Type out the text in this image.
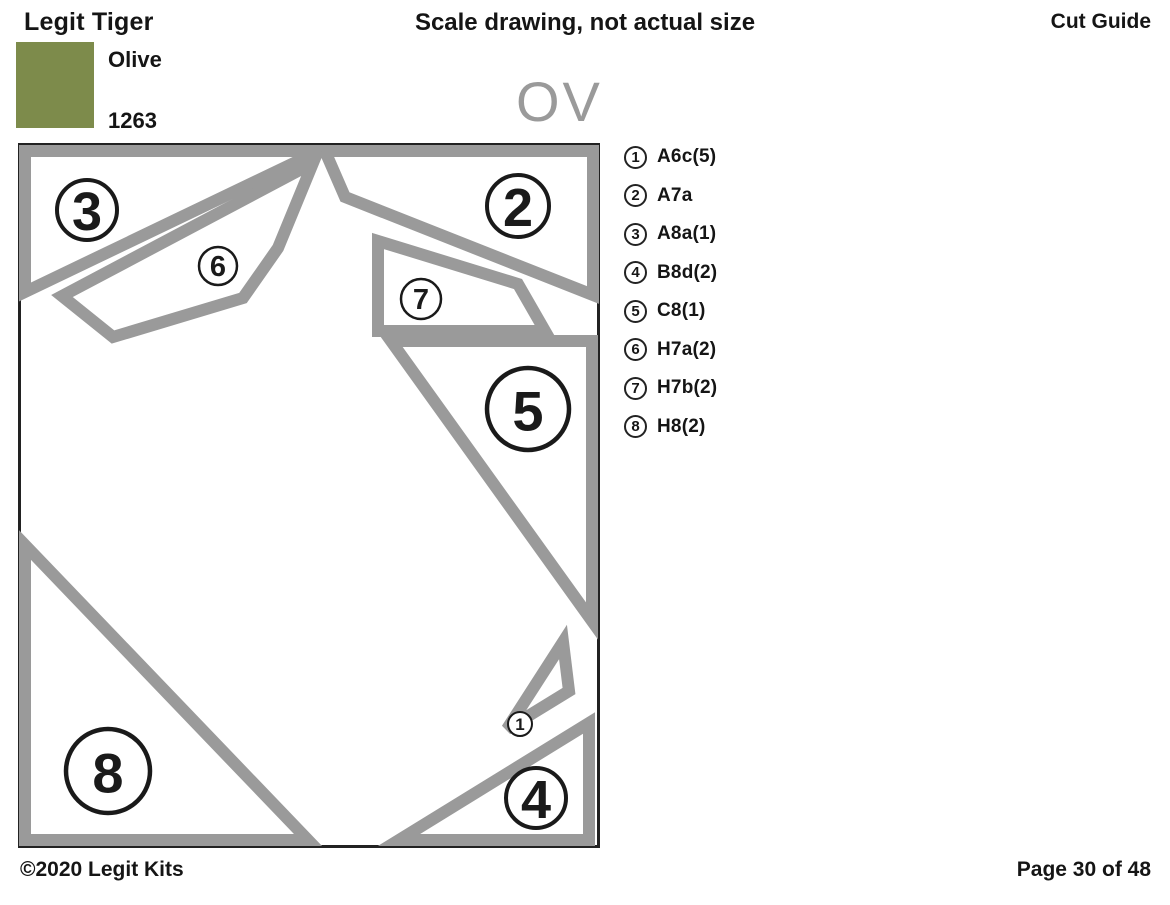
Legit Tiger	Scale drawing, not actual size	Cut Guide
Olive

1263	OV
1
2
3
4
5
6
7
8
1 A6c(5)
2 A7a
3 A8a(1)
4 B8d(2)
5 C8(1)
6 H7a(2)
7 H7b(2)
8 H8(2)
©2020 Legit Kits	Page 30 of 48
